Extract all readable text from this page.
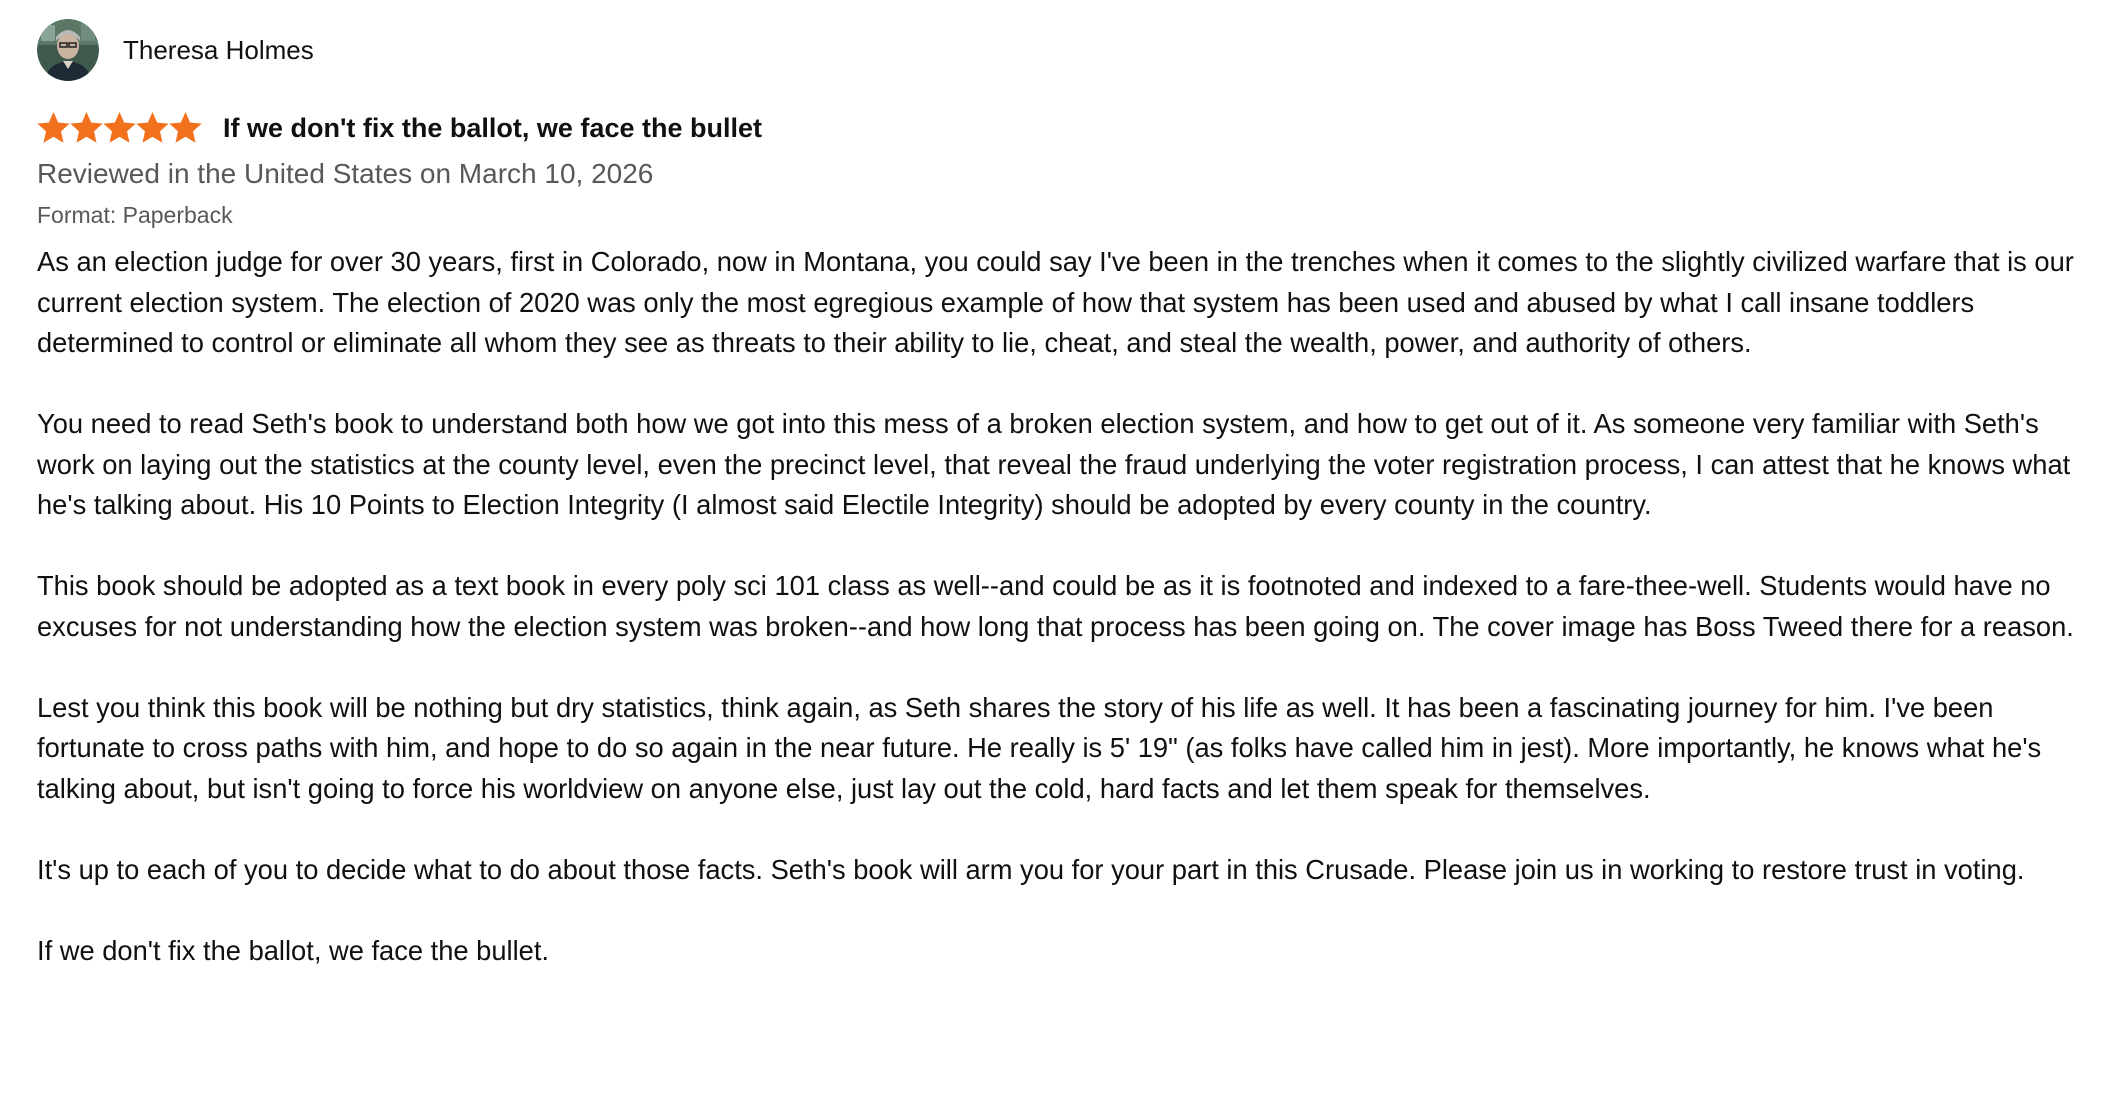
Theresa Holmes
If we don't fix the ballot, we face the bullet
Reviewed in the United States on March 10, 2026
Format: Paperback

As an election judge for over 30 years, first in Colorado, now in Montana, you could say I've been in the trenches when it comes to the slightly civilized warfare that is our current election system. The election of 2020 was only the most egregious example of how that system has been used and abused by what I call insane toddlers determined to control or eliminate all whom they see as threats to their ability to lie, cheat, and steal the wealth, power, and authority of others.

You need to read Seth's book to understand both how we got into this mess of a broken election system, and how to get out of it. As someone very familiar with Seth's work on laying out the statistics at the county level, even the precinct level, that reveal the fraud underlying the voter registration process, I can attest that he knows what he's talking about. His 10 Points to Election Integrity (I almost said Electile Integrity) should be adopted by every county in the country.

This book should be adopted as a text book in every poly sci 101 class as well--and could be as it is footnoted and indexed to a fare-thee-well. Students would have no excuses for not understanding how the election system was broken--and how long that process has been going on. The cover image has Boss Tweed there for a reason.

Lest you think this book will be nothing but dry statistics, think again, as Seth shares the story of his life as well. It has been a fascinating journey for him. I've been fortunate to cross paths with him, and hope to do so again in the near future. He really is 5' 19" (as folks have called him in jest). More importantly, he knows what he's talking about, but isn't going to force his worldview on anyone else, just lay out the cold, hard facts and let them speak for themselves.

It's up to each of you to decide what to do about those facts. Seth's book will arm you for your part in this Crusade. Please join us in working to restore trust in voting.

If we don't fix the ballot, we face the bullet.
